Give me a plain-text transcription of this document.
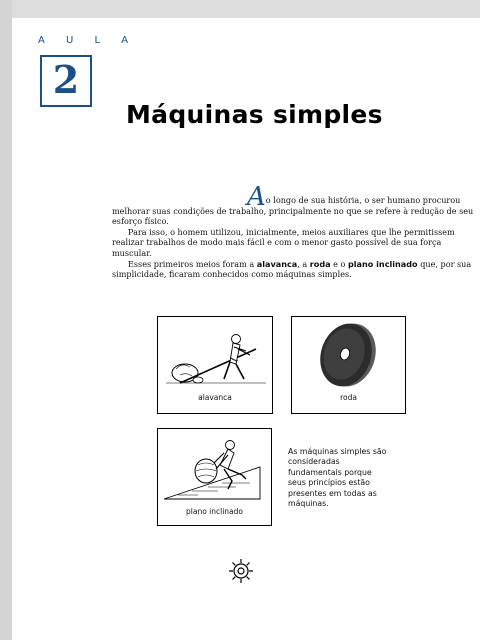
A U L A
2
Máquinas simples
Ao longo de sua história, o ser humano procurou melhorar suas condições de trabalho, principalmente no que se refere à redução de seu esforço físico.
Para isso, o homem utilizou, inicialmente, meios auxiliares que lhe permitissem realizar trabalhos de modo mais fácil e com o menor gasto possível de sua força muscular.
Esses primeiros meios foram a alavanca, a roda e o plano inclinado que, por sua simplicidade, ficaram conhecidos como máquinas simples.
alavanca	roda
plano inclinado
As máquinas simples são consideradas fundamentais porque seus princípios estão presentes em todas as máquinas.
